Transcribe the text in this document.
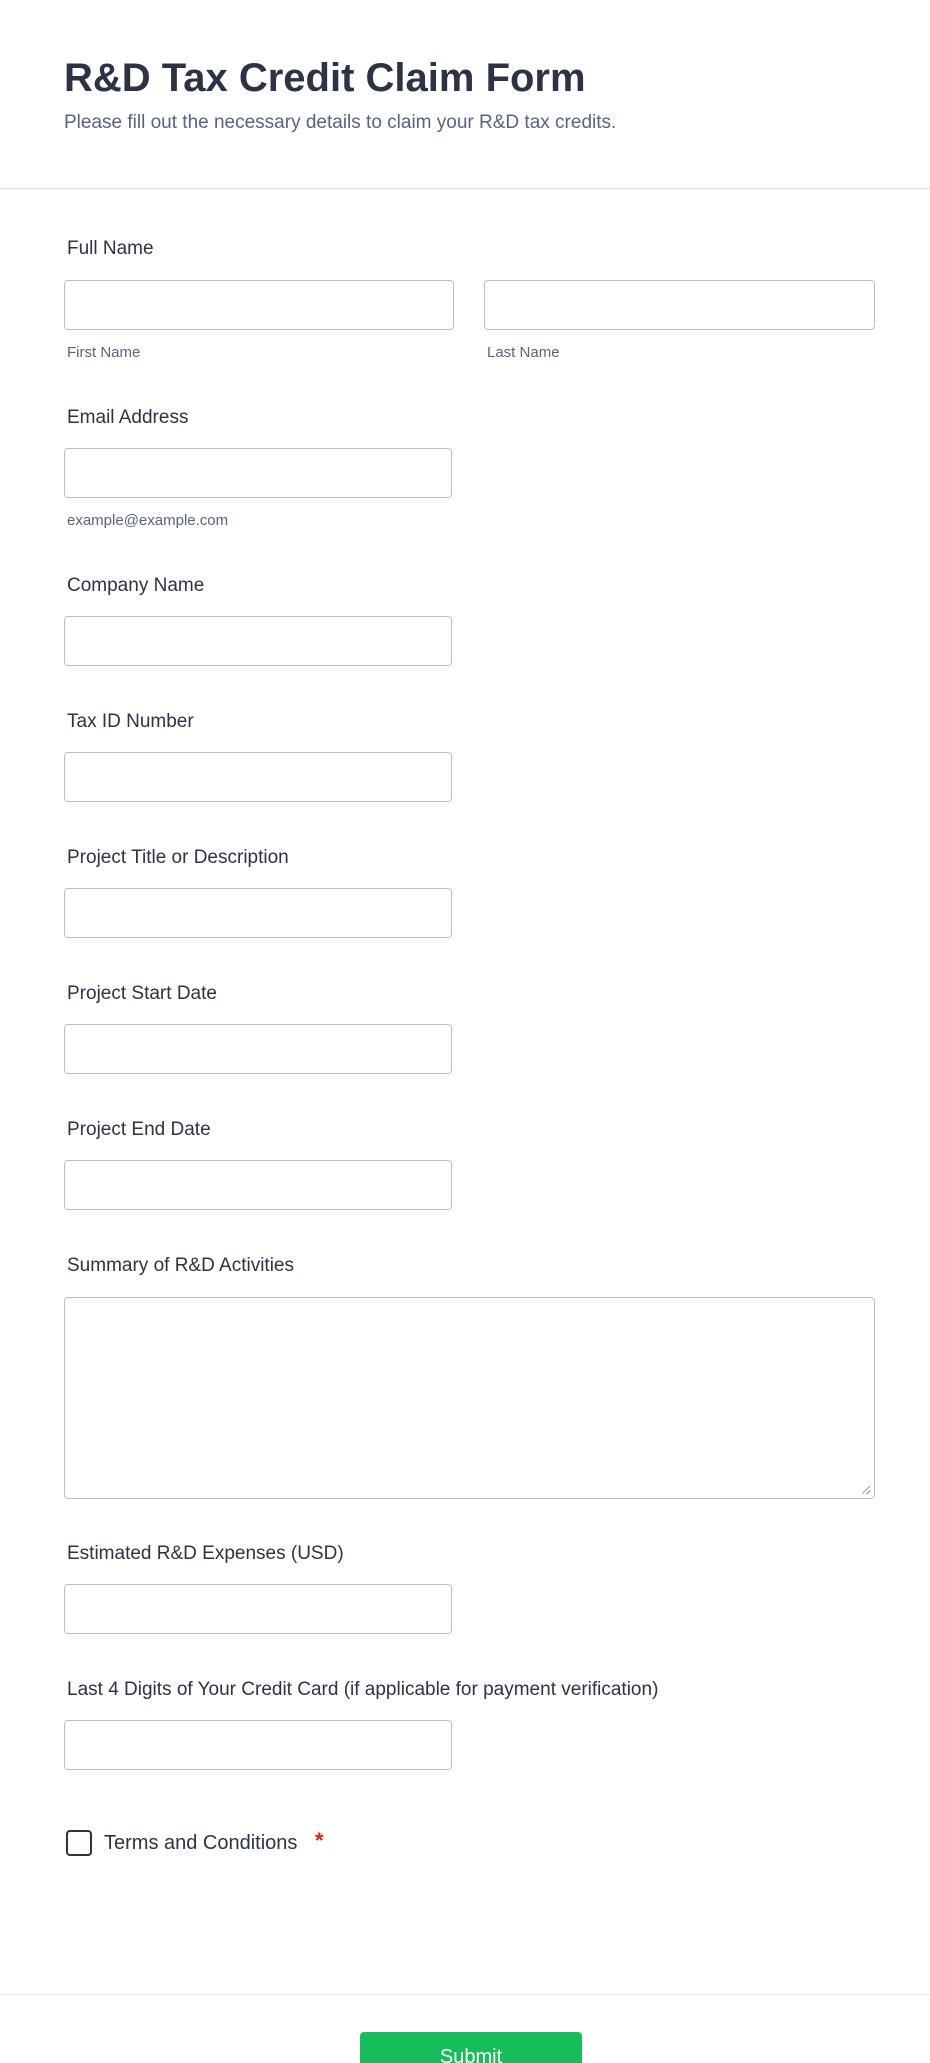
R&D Tax Credit Claim Form
Please fill out the necessary details to claim your R&D tax credits.
Full Name
First Name	Last Name
Email Address
example@example.com
Company Name
Tax ID Number
Project Title or Description
Project Start Date
Project End Date
Summary of R&D Activities
Estimated R&D Expenses (USD)
Last 4 Digits of Your Credit Card (if applicable for payment verification)
Terms and Conditions *
Submit
